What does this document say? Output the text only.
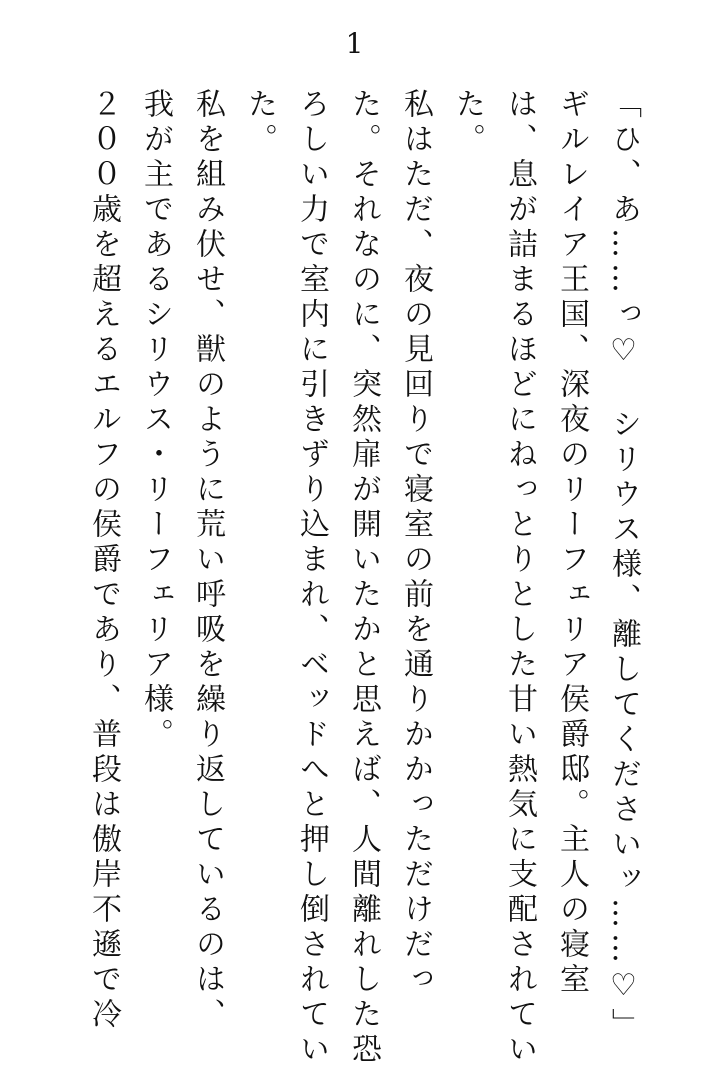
1
「ひ、あ……っ♡　シリウス様、離してくださいッ……♡」
ギルレイア王国、深夜のリーフェリア侯爵邸。主人の寝室
は、息が詰まるほどにねっとりとした甘い熱気に支配されてい
た。
私はただ、夜の見回りで寝室の前を通りかかっただけだっ
た。それなのに、突然扉が開いたかと思えば、人間離れした恐
ろしい力で室内に引きずり込まれ、ベッドへと押し倒されてい
た。
私を組み伏せ、獣のように荒い呼吸を繰り返しているのは、
我が主であるシリウス・リーフェリア様。
２００歳を超えるエルフの侯爵であり、普段は傲岸不遜で冷
